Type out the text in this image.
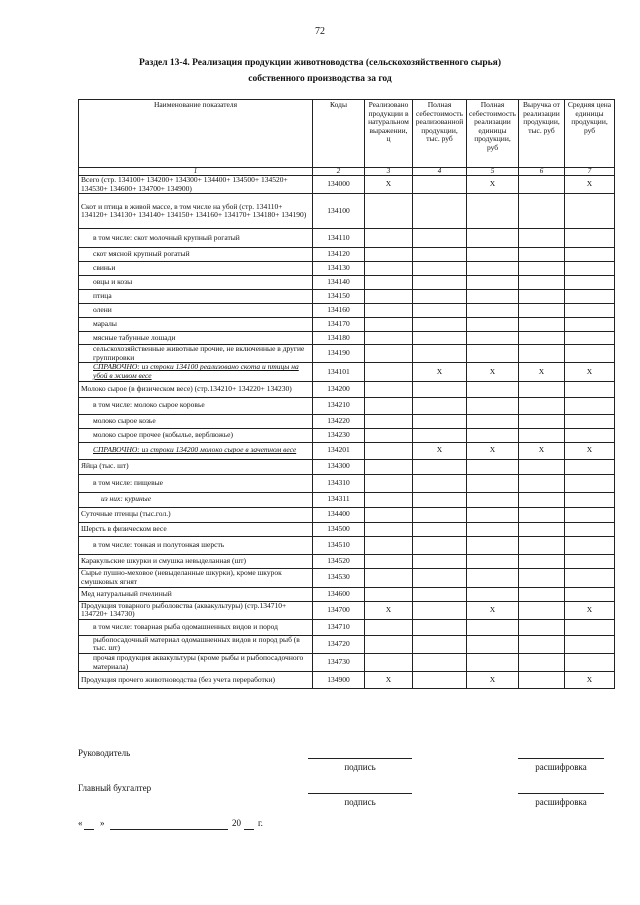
72
Раздел 13-4. Реализация продукции животноводства (сельскохозяйственного сырья)
собственного производства за год
Наименование показателя	Коды	Реализовано продукции в натуральном выражении, ц	Полная себестоимость реализованной продукции, тыс. руб	Полная себестоимость реализации единицы продукции, руб	Выручка от реализации продукции, тыс. руб	Средняя цена единицы продукции, руб
1	2	3	4	5	6	7
Всего (стр. 134100+ 134200+ 134300+ 134400+ 134500+ 134520+ 134530+ 134600+ 134700+ 134900)	134000	X		X		X
Скот и птица в живой массе, в том числе на убой (стр. 134110+ 134120+ 134130+ 134140+ 134150+ 134160+ 134170+ 134180+ 134190)	134100					
в том числе: скот молочный крупный рогатый	134110					
скот мясной крупный рогатый	134120					
свиньи	134130					
овцы и козы	134140					
птица	134150					
олени	134160					
маралы	134170					
мясные табунные лошади	134180					
сельскохозяйственные животные прочие, не включенные в другие группировки	134190					
СПРАВОЧНО: из строки 134100 реализовано скота и птицы на убой в живом весе	134101		X	X	X	X
Молоко сырое (в физическом весе) (стр.134210+ 134220+ 134230)	134200					
в том числе: молоко сырое коровье	134210					
молоко сырое козье	134220					
молоко сырое прочее (кобылье, верблюжье)	134230					
СПРАВОЧНО: из строки 134200 молоко сырое в зачетном весе	134201		X	X	X	X
Яйца (тыс. шт)	134300					
в том числе: пищевые	134310					
из них: куриные	134311					
Суточные птенцы (тыс.гол.)	134400					
Шерсть в физическом весе	134500					
в том числе: тонкая и полутонкая шерсть	134510					
Каракульские шкурки и смушка невыделанная (шт)	134520					
Сырье пушно-меховое (невыделанные шкурки), кроме шкурок смушковых ягнят	134530					
Мед натуральный пчелиный	134600					
Продукция товарного рыболовства (аквакультуры) (стр.134710+ 134720+ 134730)	134700	X		X		X
в том числе: товарная рыба одомашненных видов и пород	134710					
рыбопосадочный материал одомашненных видов и пород рыб (в тыс. шт)	134720					
прочая продукция аквакультуры (кроме рыбы и рыбопосадочного материала)	134730					
Продукция прочего животноводства (без учета переработки)	134900	X		X		X
Руководитель
подпись	расшифровка
Главный бухгалтер
подпись	расшифровка
« »	20 г.
